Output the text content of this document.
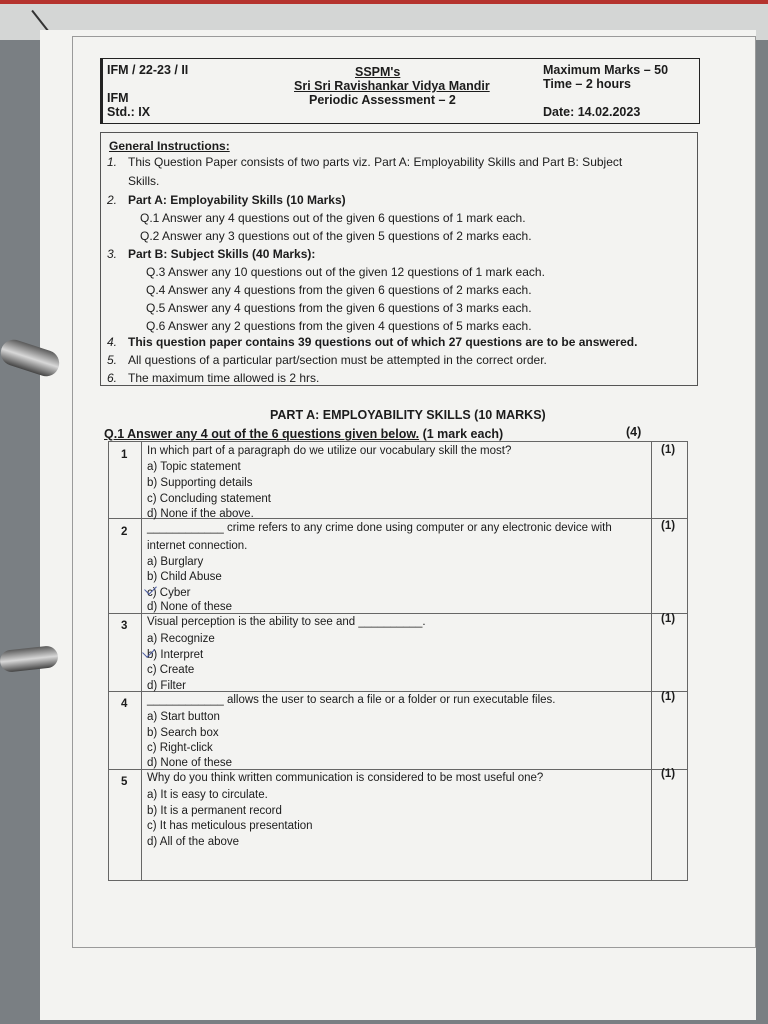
IFM / 22-23 / II
IFM
Std.: IX
SSPM's
Sri Sri Ravishankar Vidya Mandir
Periodic Assessment – 2
Maximum Marks – 50
Time – 2 hours
Date: 14.02.2023
General Instructions:
1. This Question Paper consists of two parts viz. Part A: Employability Skills and Part B: Subject
Skills.
2. Part A: Employability Skills (10 Marks)
Q.1 Answer any 4 questions out of the given 6 questions of 1 mark each.
Q.2 Answer any 3 questions out of the given 5 questions of 2 marks each.
3. Part B: Subject Skills (40 Marks):
Q.3 Answer any 10 questions out of the given 12 questions of 1 mark each.
Q.4 Answer any 4 questions from the given 6 questions of 2 marks each.
Q.5 Answer any 4 questions from the given 6 questions of 3 marks each.
Q.6 Answer any 2 questions from the given 4 questions of 5 marks each.
4. This question paper contains 39 questions out of which 27 questions are to be answered.
5. All questions of a particular part/section must be attempted in the correct order.
6. The maximum time allowed is 2 hrs.
PART A: EMPLOYABILITY SKILLS (10 MARKS)
Q.1 Answer any 4 out of the 6 questions given below. (1 mark each)	(4)
1	(1)
In which part of a paragraph do we utilize our vocabulary skill the most?
a) Topic statement
b) Supporting details
c) Concluding statement
d) None if the above.
2	(1)
____________ crime refers to any crime done using computer or any electronic device with
internet connection.
a) Burglary
b) Child Abuse
c) Cyber
d) None of these
3
(1)
Visual perception is the ability to see and __________.
a) Recognize
b) Interpret
c) Create
d) Filter
4
(1)
____________ allows the user to search a file or a folder or run executable files.
a) Start button
b) Search box
c) Right-click
d) None of these
5
(1)
Why do you think written communication is considered to be most useful one?
a) It is easy to circulate.
b) It is a permanent record
c) It has meticulous presentation
d) All of the above
